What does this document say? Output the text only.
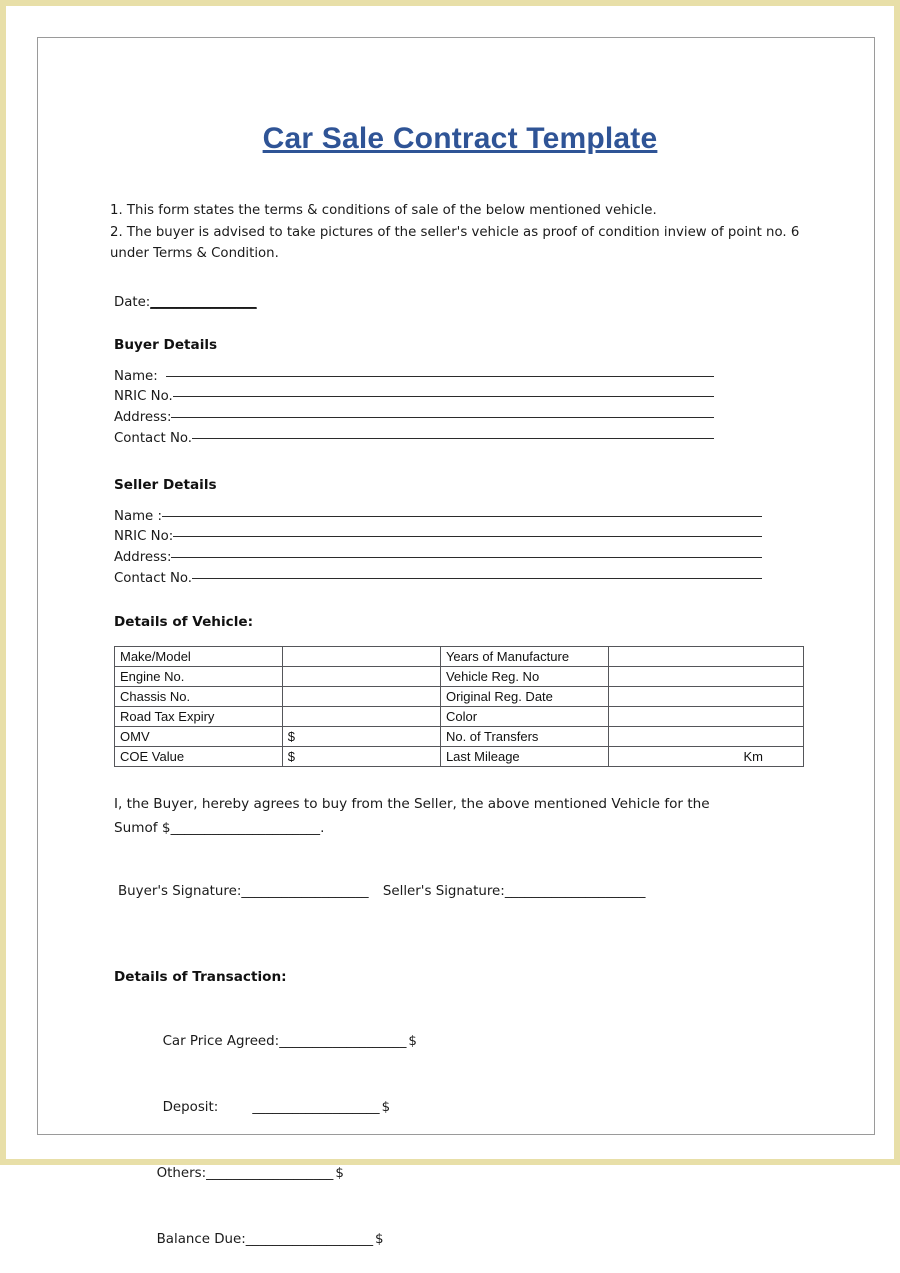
Car Sale Contract Template
1. This form states the terms & conditions of sale of the below mentioned vehicle.
2. The buyer is advised to take pictures of the seller's vehicle as proof of condition inview of point no. 6 under Terms & Condition.
Date:________________
Buyer Details
Name:
NRIC No.
Address:
Contact No.
Seller Details
Name :
NRIC No:
Address:
Contact No.
Details of Vehicle:
Make/Model		Years of Manufacture	
Engine No.		Vehicle Reg. No	
Chassis No.		Original Reg. Date	
Road Tax Expiry		Color	
OMV	$	No. of Transfers	
COE Value	$	Last Mileage	Km
I, the Buyer, hereby agrees to buy from the Seller, the above mentioned Vehicle for the
Sumof $______________________.
Buyer's Signature:___________________ Seller's Signature:_____________________
Details of Transaction:

Car Price Agreed:___________________ $

Deposit:        ___________________ $

Others:___________________ $

Balance Due:___________________ $
